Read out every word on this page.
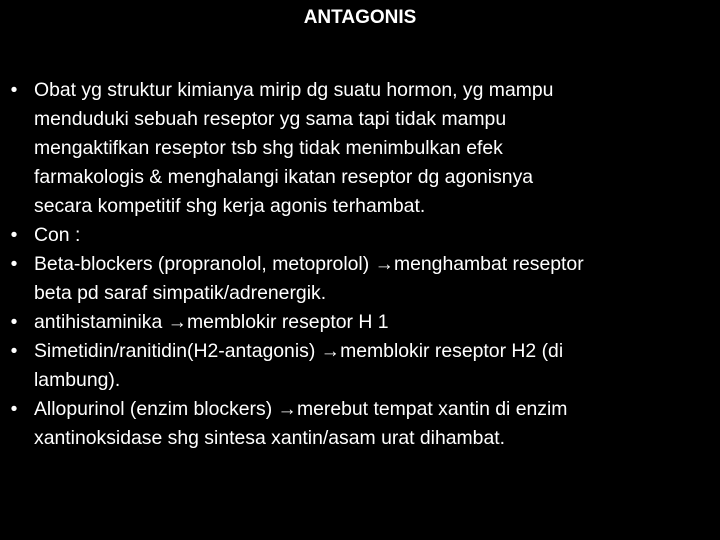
ANTAGONIS
• Obat yg struktur kimianya mirip dg suatu hormon, yg mampu
menduduki sebuah reseptor yg sama tapi tidak mampu
mengaktifkan reseptor tsb shg tidak menimbulkan efek
farmakologis & menghalangi ikatan reseptor dg agonisnya
secara kompetitif shg kerja agonis terhambat.
• Con :
• Beta-blockers (propranolol, metoprolol) →menghambat reseptor
beta pd saraf simpatik/adrenergik.
• antihistaminika →memblokir reseptor H 1
• Simetidin/ranitidin(H2-antagonis) →memblokir reseptor H2 (di
lambung).
• Allopurinol (enzim blockers) →merebut tempat xantin di enzim
xantinoksidase shg sintesa xantin/asam urat dihambat.
